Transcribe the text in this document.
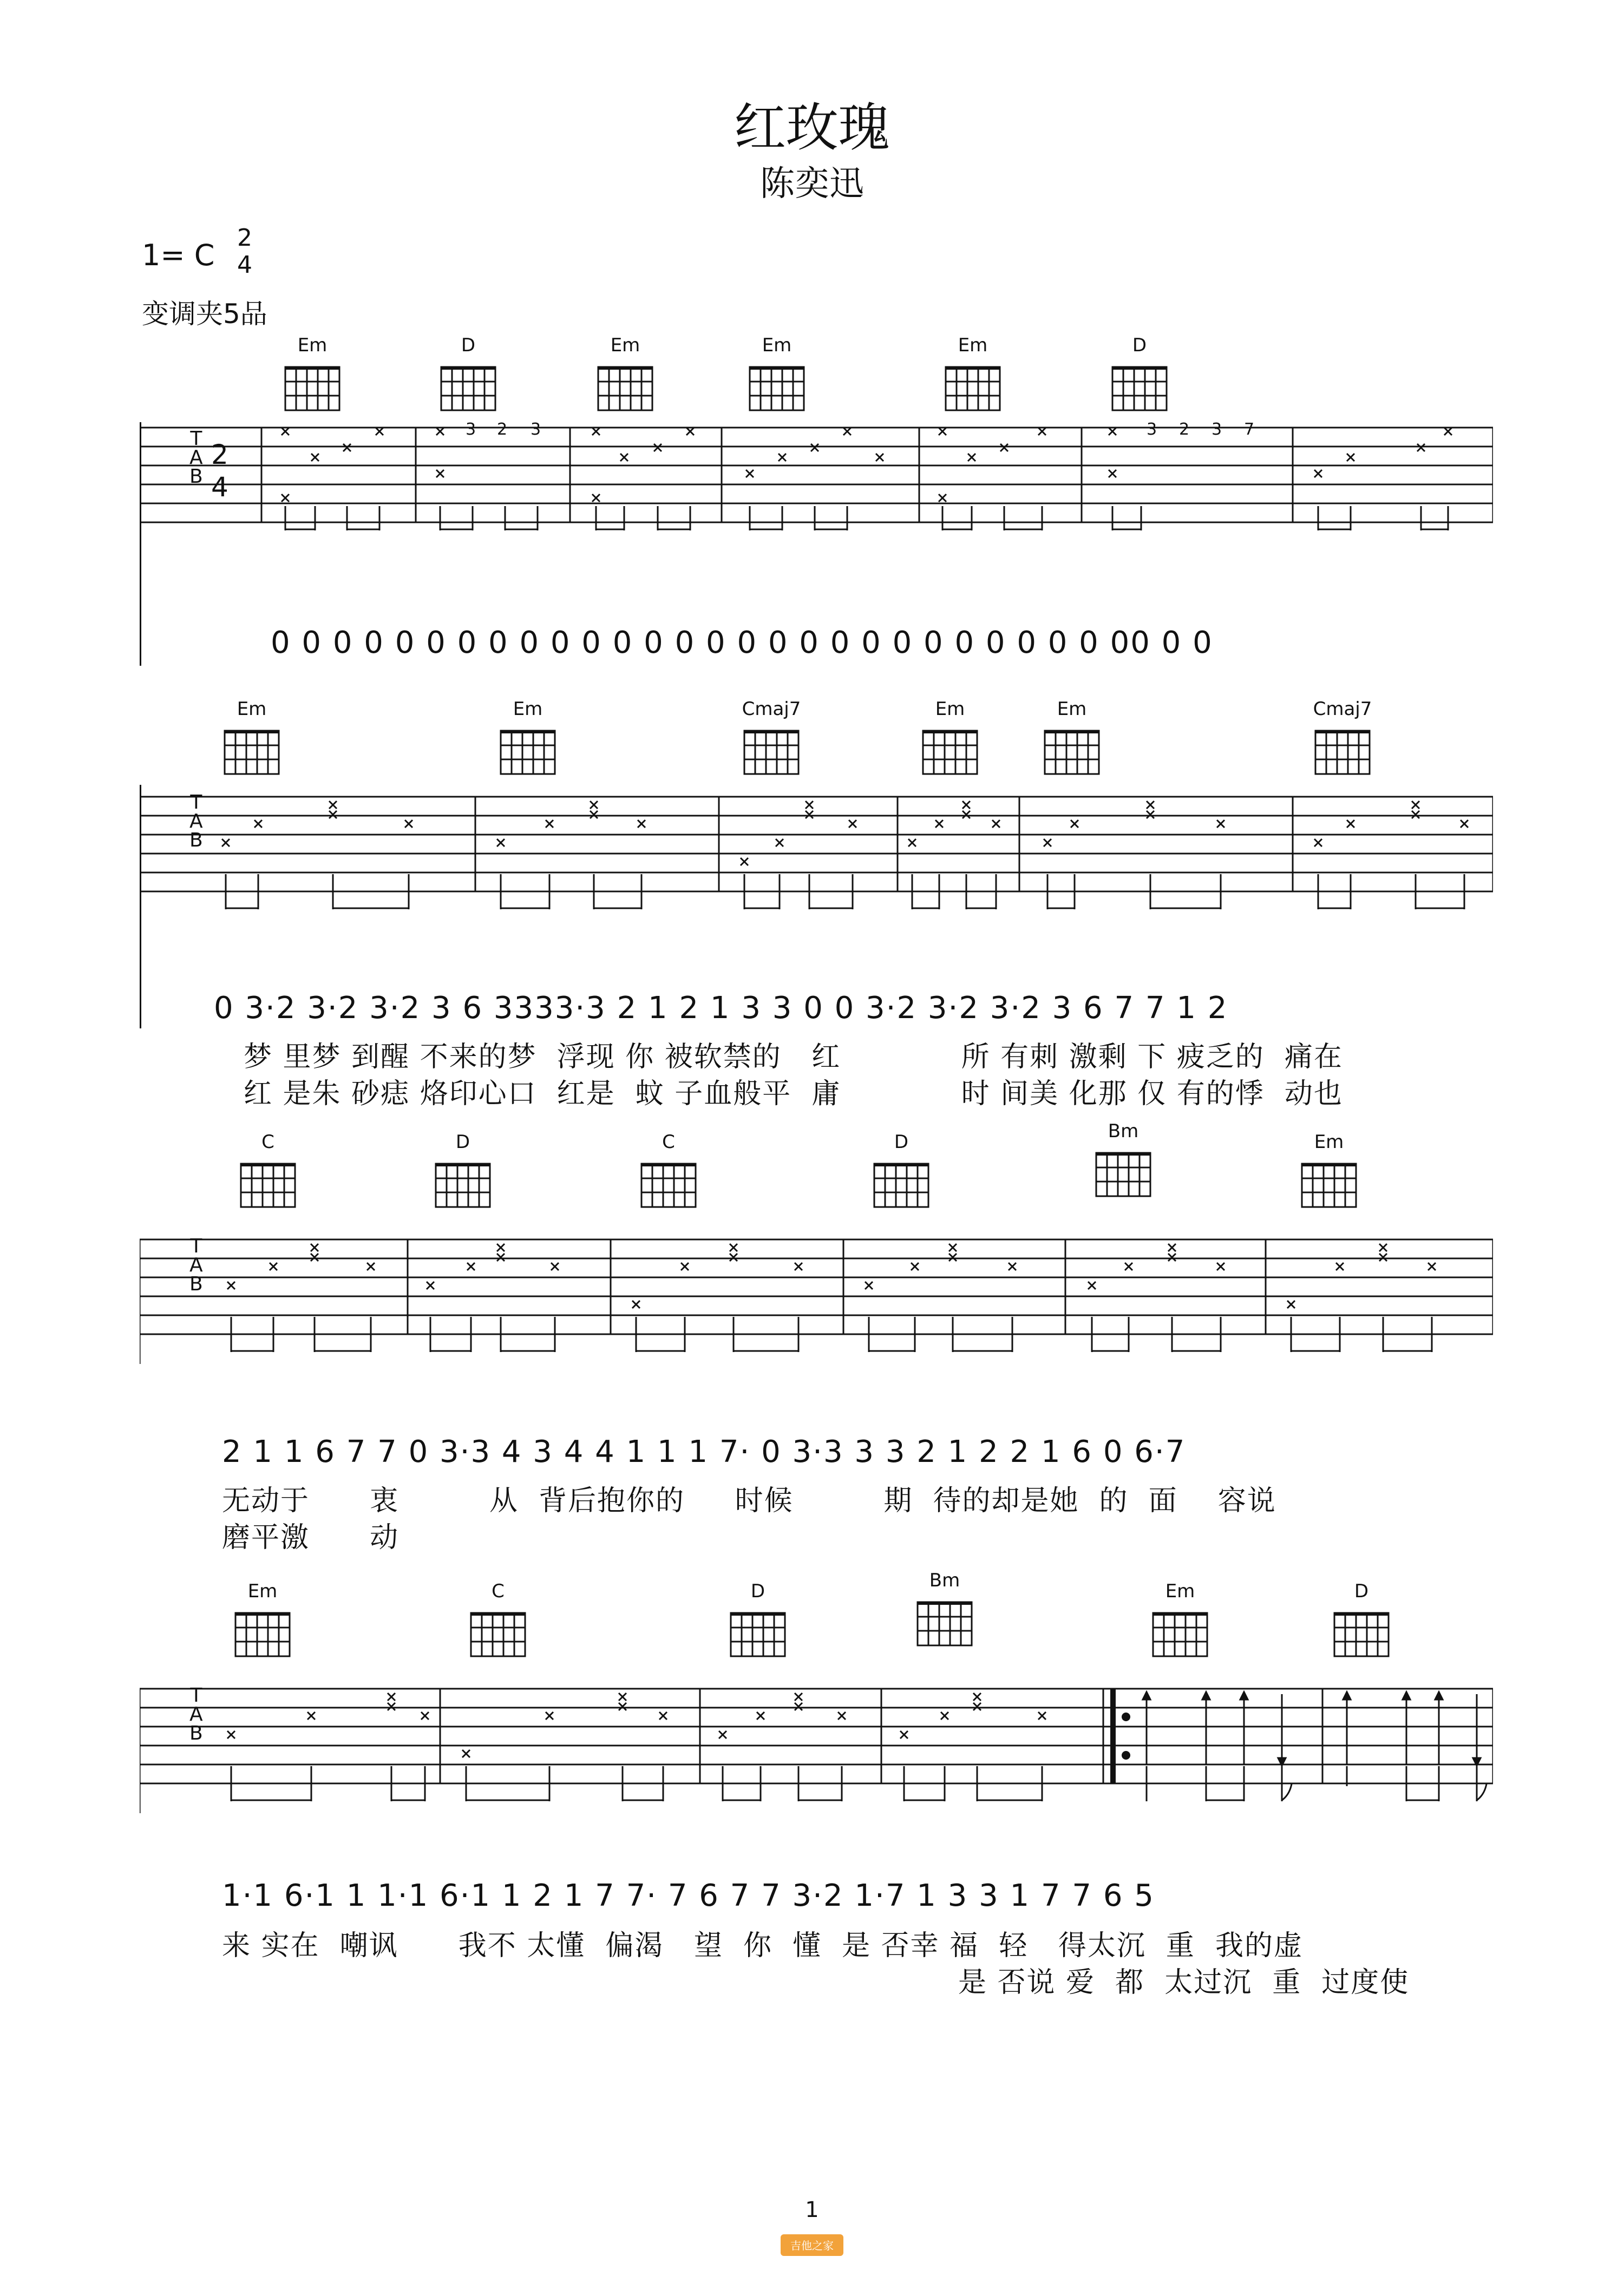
红玫瑰
陈奕迅
1= C
2
4
变调夹5品
Em	D	Em	Em	Em	D
T
A
B
2
4
3 2 3	3 2 3 7
0 0 0 0 0 0 0 0 0 0 0 0 0 0 0 0 0 0 0 0 0 0 0 0 0 0 0 00 0 0
Em	Em	Cmaj7	Em	Em	Cmaj7
T
A
B
0 3·2 3·2 3·2 3 6 3333·3 2 1 2 1 3 3 0 0 3·2 3·2 3·2 3 6 7 7 1 2
梦 里梦 到醒 不来的梦  浮现 你 被软禁的   红            所 有刺 激剩 下 疲乏的  痛在
红 是朱 砂痣 烙印心口  红是  蚊 子血般平  庸            时 间美 化那 仅 有的悸  动也
C	D	C	D	Bm	Em
T
A
B
2 1 1 6 7 7 0 3·3 4 3 4 4 1 1 1 7· 0 3·3 3 3 2 1 2 2 1 6 0 6·7
无动于      衷         从  背后抱你的     时候         期  待的却是她  的  面    容说
磨平激      动
Em	C	D	Bm	Em	D
T
A
B
1·1 6·1 1 1·1 6·1 1 2 1 7 7· 7 6 7 7 3·2 1·7 1 3 3 1 7 7 6 5
来 实在  嘲讽      我不 太懂  偏渴   望  你  懂  是 否幸 福  轻   得太沉  重  我的虚
是 否说 爱  都  太过沉  重  过度使
1
吉他之家
